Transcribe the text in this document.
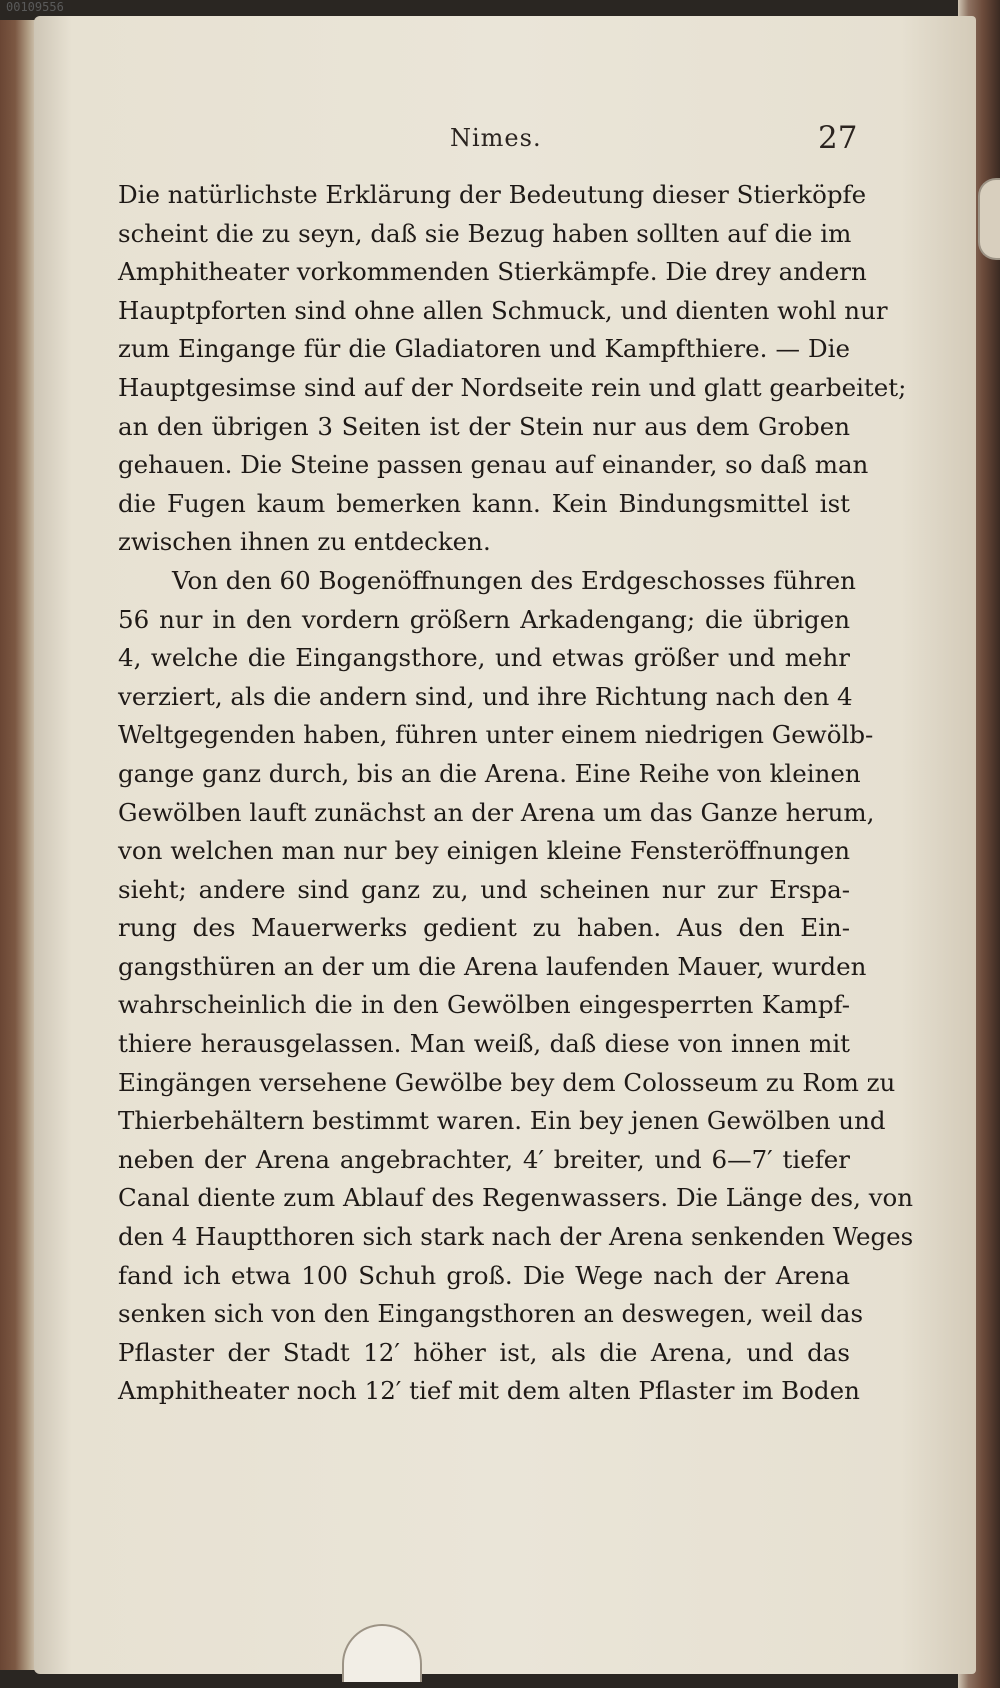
00109556
Nimes.	27
Die natürlichste Erklärung der Bedeutung dieser Stierköpfe
scheint die zu seyn, daß sie Bezug haben sollten auf die im
Amphitheater vorkommenden Stierkämpfe. Die drey andern
Hauptpforten sind ohne allen Schmuck, und dienten wohl nur
zum Eingange für die Gladiatoren und Kampfthiere. — Die
Hauptgesimse sind auf der Nordseite rein und glatt gearbeitet;
an den übrigen 3 Seiten ist der Stein nur aus dem Groben
gehauen. Die Steine passen genau auf einander, so daß man
die Fugen kaum bemerken kann. Kein Bindungsmittel ist
zwischen ihnen zu entdecken.
Von den 60 Bogenöffnungen des Erdgeschosses führen
56 nur in den vordern größern Arkadengang; die übrigen
4, welche die Eingangsthore, und etwas größer und mehr
verziert, als die andern sind, und ihre Richtung nach den 4
Weltgegenden haben, führen unter einem niedrigen Gewölb-
gange ganz durch, bis an die Arena. Eine Reihe von kleinen
Gewölben lauft zunächst an der Arena um das Ganze herum,
von welchen man nur bey einigen kleine Fensteröffnungen
sieht; andere sind ganz zu, und scheinen nur zur Erspa-
rung des Mauerwerks gedient zu haben. Aus den Ein-
gangsthüren an der um die Arena laufenden Mauer, wurden
wahrscheinlich die in den Gewölben eingesperrten Kampf-
thiere herausgelassen. Man weiß, daß diese von innen mit
Eingängen versehene Gewölbe bey dem Colosseum zu Rom zu
Thierbehältern bestimmt waren. Ein bey jenen Gewölben und
neben der Arena angebrachter, 4′ breiter, und 6—7′ tiefer
Canal diente zum Ablauf des Regenwassers. Die Länge des, von
den 4 Hauptthoren sich stark nach der Arena senkenden Weges
fand ich etwa 100 Schuh groß. Die Wege nach der Arena
senken sich von den Eingangsthoren an deswegen, weil das
Pflaster der Stadt 12′ höher ist, als die Arena, und das
Amphitheater noch 12′ tief mit dem alten Pflaster im Boden
